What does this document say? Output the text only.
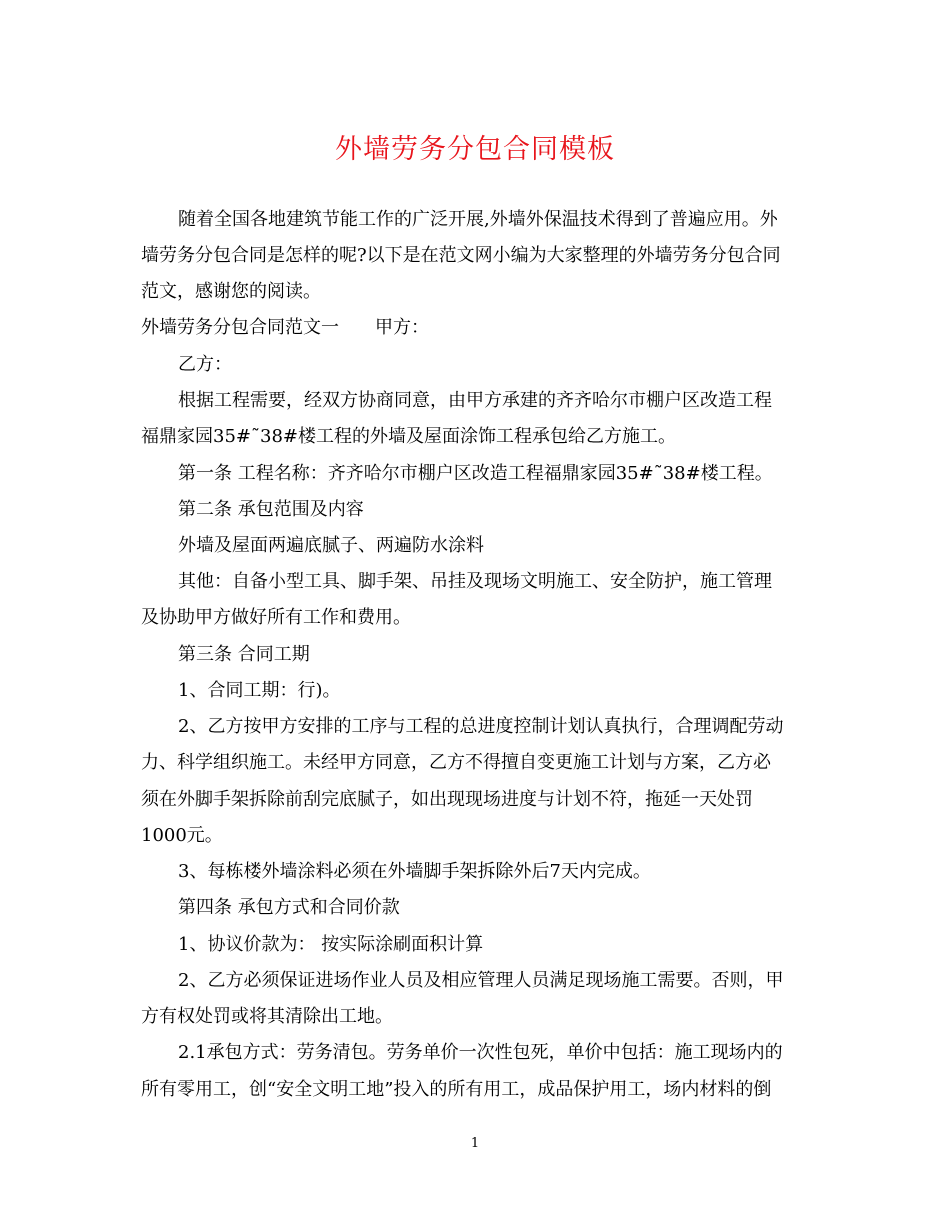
外墙劳务分包合同模板
随着全国各地建筑节能工作的广泛开展,外墙外保温技术得到了普遍应用。外
墙劳务分包合同是怎样的呢?以下是在范文网小编为大家整理的外墙劳务分包合同
范文，感谢您的阅读。
外墙劳务分包合同范文一　　甲方：
乙方：
根据工程需要，经双方协商同意，由甲方承建的齐齐哈尔市棚户区改造工程
福鼎家园35#˜38#楼工程的外墙及屋面涂饰工程承包给乙方施工。
第一条 工程名称：齐齐哈尔市棚户区改造工程福鼎家园35#˜38#楼工程。
第二条 承包范围及内容
外墙及屋面两遍底腻子、两遍防水涂料
其他：自备小型工具、脚手架、吊挂及现场文明施工、安全防护，施工管理
及协助甲方做好所有工作和费用。
第三条 合同工期
1、合同工期：行)。
2、乙方按甲方安排的工序与工程的总进度控制计划认真执行，合理调配劳动
力、科学组织施工。未经甲方同意，乙方不得擅自变更施工计划与方案，乙方必
须在外脚手架拆除前刮完底腻子，如出现现场进度与计划不符，拖延一天处罚
1000元。
3、每栋楼外墙涂料必须在外墙脚手架拆除外后7天内完成。
第四条 承包方式和合同价款
1、协议价款为： 按实际涂刷面积计算
2、乙方必须保证进场作业人员及相应管理人员满足现场施工需要。否则，甲
方有权处罚或将其清除出工地。
2.1承包方式：劳务清包。劳务单价一次性包死，单价中包括：施工现场内的
所有零用工，创“安全文明工地”投入的所有用工，成品保护用工，场内材料的倒
1
